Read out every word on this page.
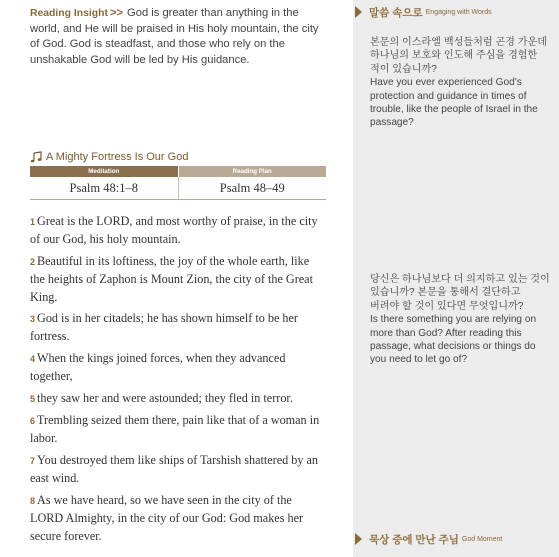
Reading Insight >> God is greater than anything in the world, and He will be praised in His holy mountain, the city of God. God is steadfast, and those who rely on the unshakable God will be led by His guidance.
A Mighty Fortress Is Our God
Meditation	Reading Plan
Psalm 48:1–8	Psalm 48–49

1 Great is the LORD, and most worthy of praise, in the city of our God, his holy mountain.

2 Beautiful in its loftiness, the joy of the whole earth, like the heights of Zaphon is Mount Zion, the city of the Great King.

3 God is in her citadels; he has shown himself to be her fortress.

4 When the kings joined forces, when they advanced together,

5 they saw her and were astounded; they fled in terror.

6 Trembling seized them there, pain like that of a woman in labor.

7 You destroyed them like ships of Tarshish shattered by an east wind.

8 As we have heard, so we have seen in the city of the LORD Almighty, in the city of our God: God makes her secure forever.

말씀 속으로 Engaging with Words
본문의 이스라엘 백성들처럼 곤경 가운데 하나님의 보호와 인도해 주심을 경험한 적이 있습니까?
Have you ever experienced God's protection and guidance in times of trouble, like the people of Israel in the passage?
당신은 하나님보다 더 의지하고 있는 것이 있습니까? 본문을 통해서 결단하고 버려야 할 것이 있다면 무엇입니까?
Is there something you are relying on more than God? After reading this passage, what decisions or things do you need to let go of?
묵상 중에 만난 주님 God Moment
